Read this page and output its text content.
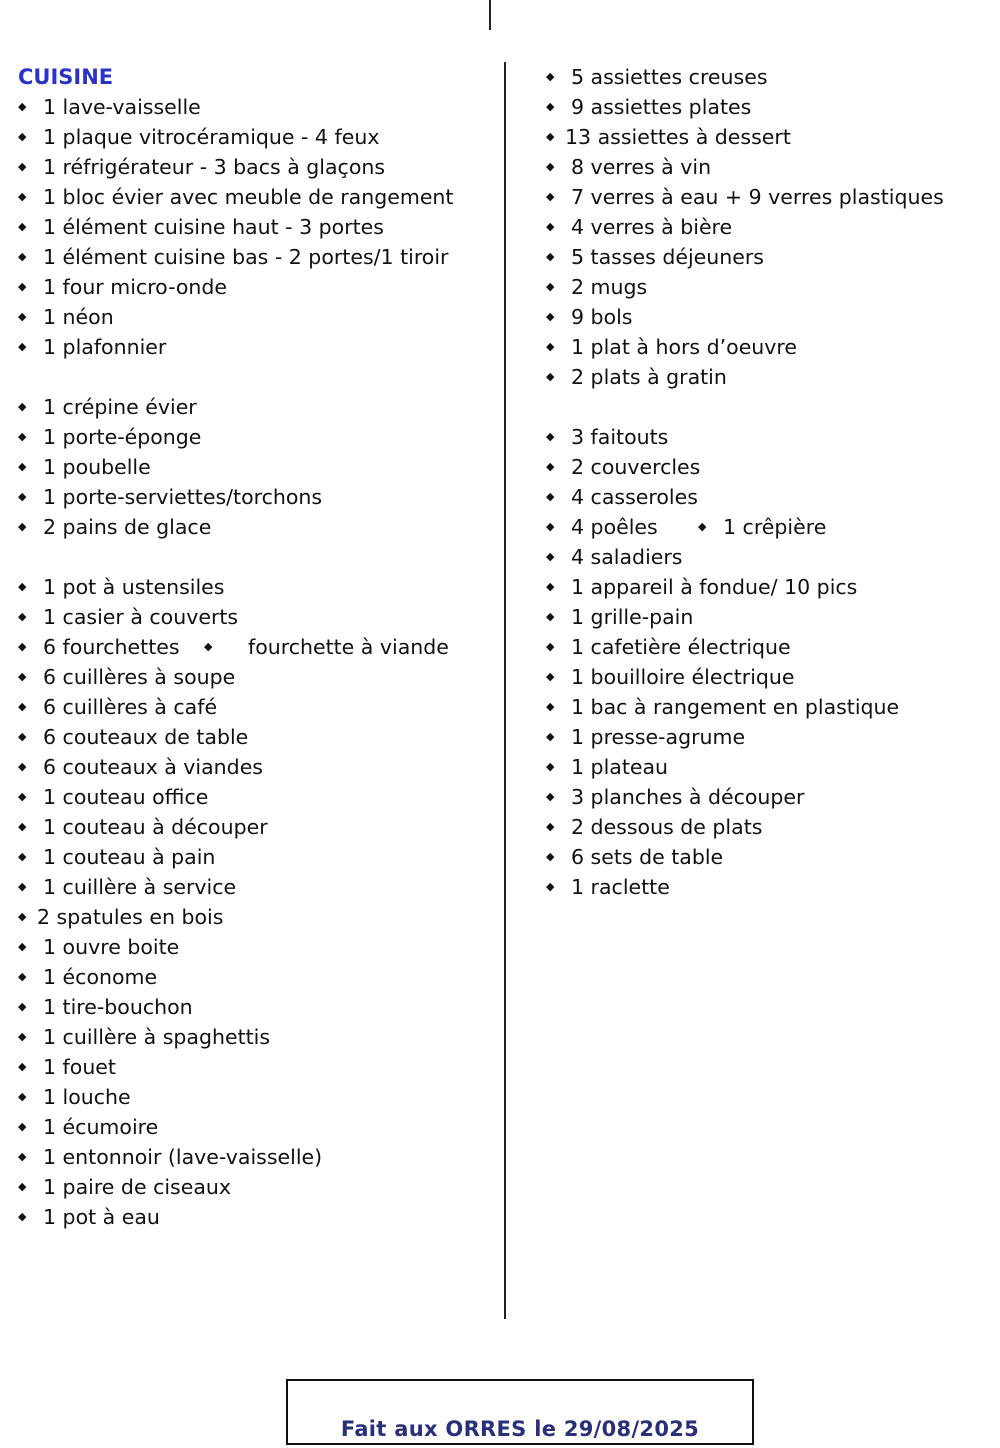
CUISINE
◆ 1 lave-vaisselle
◆ 1 plaque vitrocéramique - 4 feux
◆ 1 réfrigérateur - 3 bacs à glaçons
◆ 1 bloc évier avec meuble de rangement
◆ 1 élément cuisine haut - 3 portes
◆ 1 élément cuisine bas - 2 portes/1 tiroir
◆ 1 four micro-onde
◆ 1 néon
◆ 1 plafonnier
◆ 1 crépine évier
◆ 1 porte-éponge
◆ 1 poubelle
◆ 1 porte-serviettes/torchons
◆ 2 pains de glace
◆ 1 pot à ustensiles
◆ 1 casier à couverts
◆ 6 fourchettes ◆ fourchette à viande
◆ 6 cuillères à soupe
◆ 6 cuillères à café
◆ 6 couteaux de table
◆ 6 couteaux à viandes
◆ 1 couteau office
◆ 1 couteau à découper
◆ 1 couteau à pain
◆ 1 cuillère à service
◆ 2 spatules en bois
◆ 1 ouvre boite
◆ 1 économe
◆ 1 tire-bouchon
◆ 1 cuillère à spaghettis
◆ 1 fouet
◆ 1 louche
◆ 1 écumoire
◆ 1 entonnoir (lave-vaisselle)
◆ 1 paire de ciseaux
◆ 1 pot à eau
◆ 5 assiettes creuses
◆ 9 assiettes plates
◆ 13 assiettes à dessert
◆ 8 verres à vin
◆ 7 verres à eau + 9 verres plastiques
◆ 4 verres à bière
◆ 5 tasses déjeuners
◆ 2 mugs
◆ 9 bols
◆ 1 plat à hors d’oeuvre
◆ 2 plats à gratin
◆ 3 faitouts
◆ 2 couvercles
◆ 4 casseroles
◆ 4 poêles	◆ 1 crêpière
◆ 4 saladiers
◆ 1 appareil à fondue/ 10 pics
◆ 1 grille-pain
◆ 1 cafetière électrique
◆ 1 bouilloire électrique
◆ 1 bac à rangement en plastique
◆ 1 presse-agrume
◆ 1 plateau
◆ 3 planches à découper
◆ 2 dessous de plats
◆ 6 sets de table
◆ 1 raclette
Fait aux ORRES le 29/08/2025
